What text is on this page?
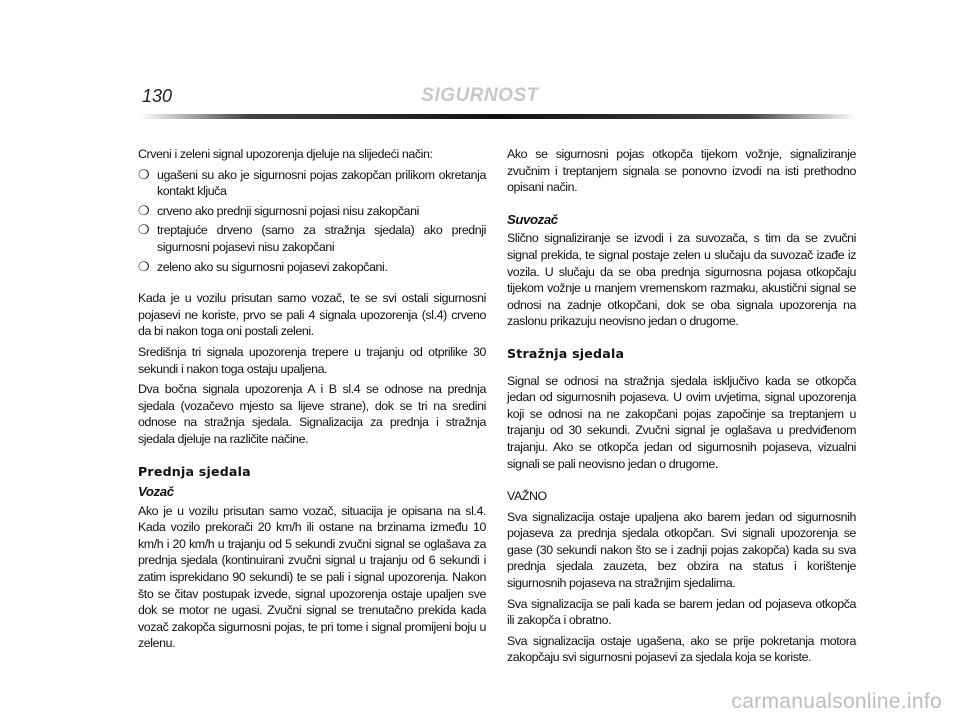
130	SIGURNOST

Crveni i zeleni signal upozorenja djeluje na slijedeći način:

❍ ugašeni su ako je sigurnosni pojas zakopčan prilikom okretanja kontakt ključa
❍ crveno ako prednji sigurnosni pojasi nisu zakopčani
❍ treptajuće drveno (samo za stražnja sjedala) ako prednji sigurnosni pojasevi nisu zakopčani
❍ zeleno ako su sigurnosni pojasevi zakopčani.

Kada je u vozilu prisutan samo vozač, te se svi ostali sigurnosni pojasevi ne koriste, prvo se pali 4 signala upozorenja (sl.4) crveno da bi nakon toga oni postali zeleni.

Središnja tri signala upozorenja trepere u trajanju od otprilike 30 sekundi i nakon toga ostaju upaljena.

Dva bočna signala upozorenja A i B sl.4 se odnose na prednja sjedala (vozačevo mjesto sa lijeve strane), dok se tri na sredini odnose na stražnja sjedala. Signalizacija za prednja i stražnja sjedala djeluje na različite načine.

Prednja sjedala
Vozač

Ako je u vozilu prisutan samo vozač, situacija je opisana na sl.4. Kada vozilo prekorači 20 km/h ili ostane na brzinama između 10 km/h i 20 km/h u trajanju od 5 sekundi zvučni signal se oglašava za prednja sjedala (kontinuirani zvučni signal u trajanju od 6 sekundi i zatim isprekidano 90 sekundi) te se pali i signal upozorenja. Nakon što se čitav postupak izvede, signal upozorenja ostaje upaljen sve dok se motor ne ugasi. Zvučni signal se trenutačno prekida kada vozač zakopča sigurnosni pojas, te pri tome i signal promijeni boju u zelenu.

Ako se sigurnosni pojas otkopča tijekom vožnje, signaliziranje zvučnim i treptanjem signala se ponovno izvodi na isti prethodno opisani način.

Suvozač

Slično signaliziranje se izvodi i za suvozača, s tim da se zvučni signal prekida, te signal postaje zelen u slučaju da suvozač izađe iz vozila. U slučaju da se oba prednja sigurnosna pojasa otkopčaju tijekom vožnje u manjem vremenskom razmaku, akustični signal se odnosi na zadnje otkopčani, dok se oba signala upozorenja na zaslonu prikazuju neovisno jedan o drugome.

Stražnja sjedala

Signal se odnosi na stražnja sjedala isključivo kada se otkopča jedan od sigurnosnih pojaseva. U ovim uvjetima, signal upozorenja koji se odnosi na ne zakopčani pojas započinje sa treptanjem u trajanju od 30 sekundi. Zvučni signal je oglašava u predviđenom trajanju. Ako se otkopča jedan od sigurnosnih pojaseva, vizualni signali se pali neovisno jedan o drugome.

VAŽNO

Sva signalizacija ostaje upaljena ako barem jedan od sigurnosnih pojaseva za prednja sjedala otkopčan. Svi signali upozorenja se gase (30 sekundi nakon što se i zadnji pojas zakopča) kada su sva prednja sjedala zauzeta, bez obzira na status i korištenje sigurnosnih pojaseva na stražnjim sjedalima.

Sva signalizacija se pali kada se barem jedan od pojaseva otkopča ili zakopča i obratno.

Sva signalizacija ostaje ugašena, ako se prije pokretanja motora zakopčaju svi sigurnosni pojasevi za sjedala koja se koriste.

carmanualsonline.info
